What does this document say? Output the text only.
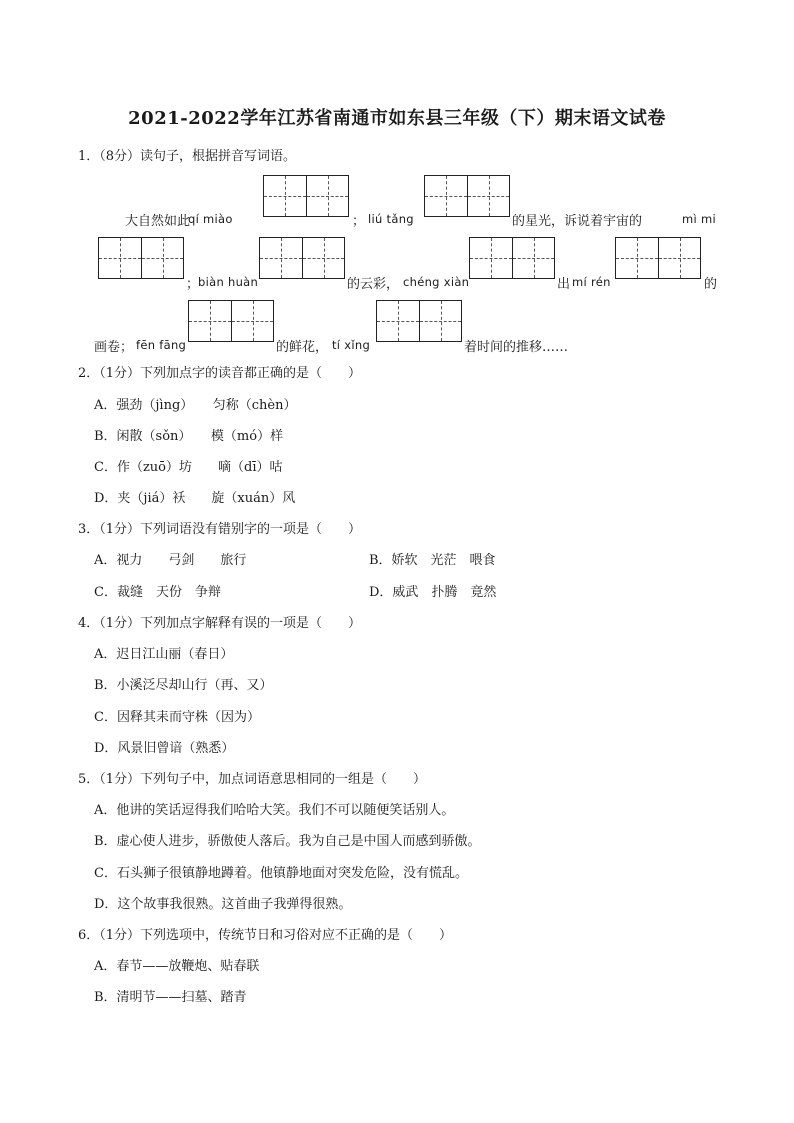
2021-2022学年江苏省南通市如东县三年级（下）期末语文试卷
1．（8分）读句子，根据拼音写词语。
大自然如此
qí miào	； liú tǎng	的星光，诉说着宇宙的	mì mi
；
biàn huàn	的云彩， chéng xiàn	出 mí rén	的
画卷； fēn fāng	的鲜花， tí xǐng	着时间的推移……
2．（1分）下列加点字的读音都正确的是（　　）
A．强劲（jìng）　　匀称（chèn）
B．闲散（sǒn）　　模（mó）样
C．作（zuō）坊　　嘀（dī）咕
D．夹（jiá）袄　　旋（xuán）风
3．（1分）下列词语没有错别字的一项是（　　）
A．视力　　弓剑　　旅行	B．娇软　光茫　喂食
C．裁缝　天份　争辩	D．威武　扑腾　竟然
4．（1分）下列加点字解释有误的一项是（　　）
A．迟日江山丽（春日）
B．小溪泛尽却山行（再、又）
C．因释其耒而守株（因为）
D．风景旧曾谙（熟悉）
5．（1分）下列句子中，加点词语意思相同的一组是（　　）
A．他讲的笑话逗得我们哈哈大笑。我们不可以随便笑话别人。
B．虚心使人进步，骄傲使人落后。我为自己是中国人而感到骄傲。
C．石头狮子很镇静地蹲着。他镇静地面对突发危险，没有慌乱。
D．这个故事我很熟。这首曲子我弹得很熟。
6．（1分）下列选项中，传统节日和习俗对应不正确的是（　　）
A．春节——放鞭炮、贴春联
B．清明节——扫墓、踏青
